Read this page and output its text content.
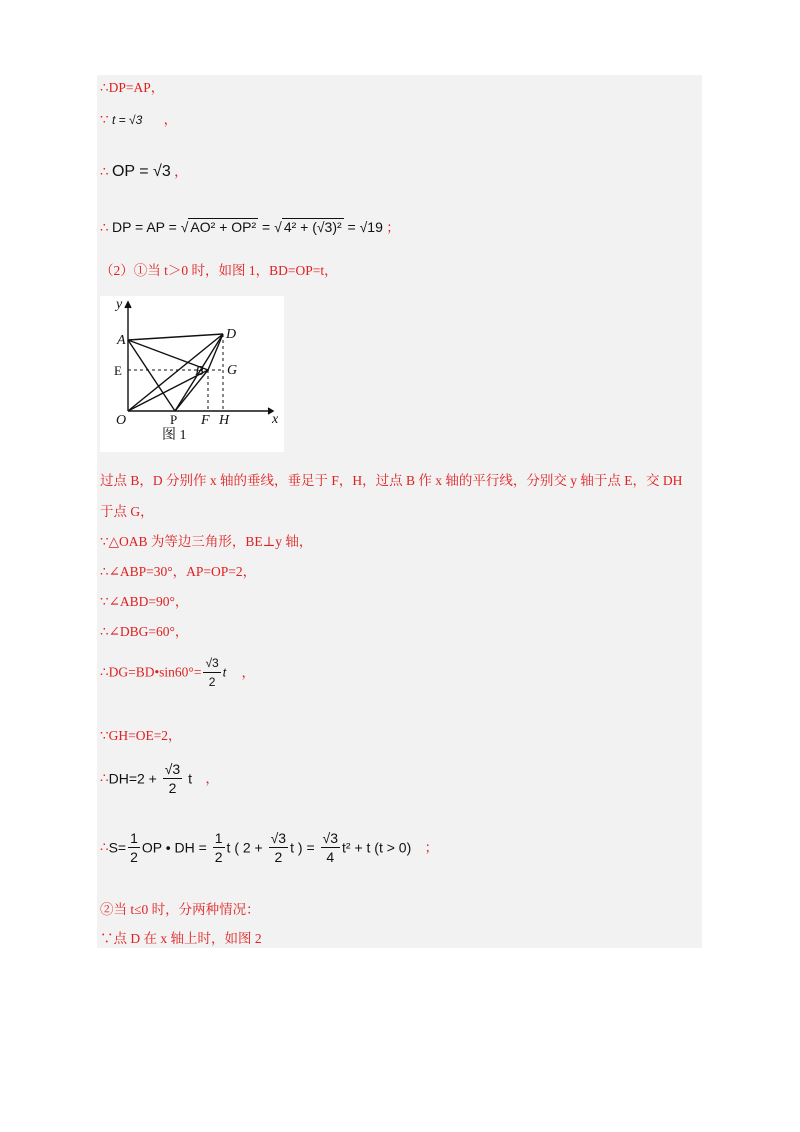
∴DP=AP，
∵ t = √3 ，
∴ OP = √3 ，
∴ DP = AP = √ AO² + OP² = √ 4² + (√3)² = √19 ；
（2）①当 t＞0 时，如图 1，BD=OP=t，
y
x
A	D
B G
O	F H
E
P
图 1
过点 B，D 分别作 x 轴的垂线，垂足于 F，H，过点 B 作 x 轴的平行线，分别交 y 轴于点 E，交 DH
于点 G，
∵△OAB 为等边三角形，BE⊥y 轴，
∴∠ABP=30°，AP=OP=2，
∵∠ABD=90°，
∴∠DBG=60°，
∴DG=BD•sin60°= $\frac{√3}{2}$ t ，
∵GH=OE=2，
∴DH=2 + $\frac{√3}{2}$ t ，
∴S= $\frac{1}{2}$ OP • DH = $\frac{1}{2}$ t ( $2 + \frac{√3}{2}$ t ) = $\frac{√3}{4} t^2 + t$ (t > 0) ；
②当 t≤0 时，分两种情况：
∵点 D 在 x 轴上时，如图 2
